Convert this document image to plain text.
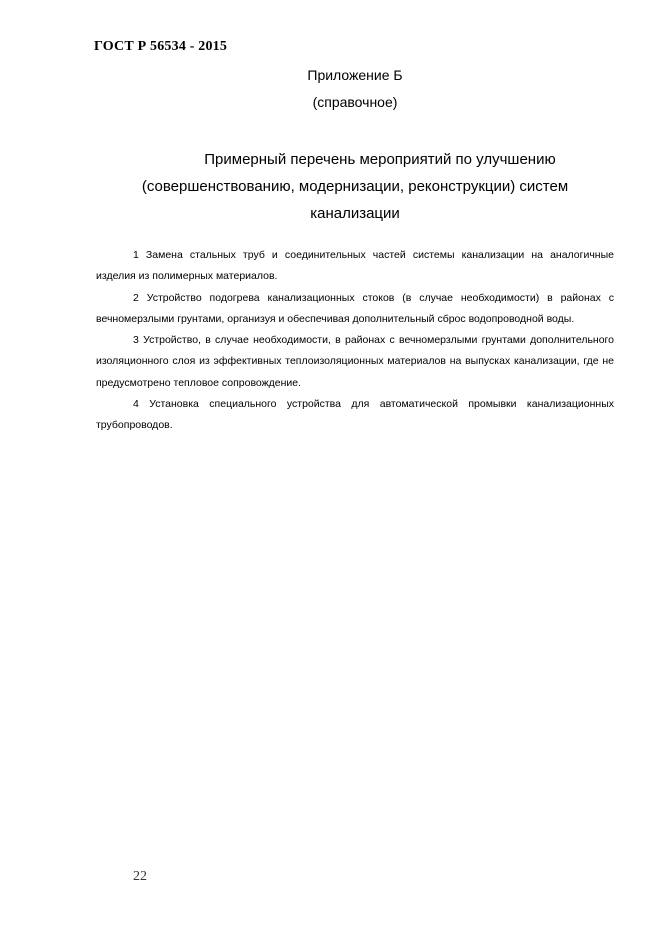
ГОСТ Р 56534 - 2015
Приложение Б
(справочное)
Примерный перечень мероприятий по улучшению
(совершенствованию, модернизации, реконструкции) систем
канализации

1 Замена стальных труб и соединительных частей системы канализации на аналогичные изделия из полимерных материалов.

2 Устройство подогрева канализационных стоков (в случае необходимости) в районах с вечномерзлыми грунтами, организуя и обеспечивая дополнительный сброс водопроводной воды.

3 Устройство, в случае необходимости, в районах с вечномерзлыми грунтами дополнительного изоляционного слоя из эффективных теплоизоляционных материалов на выпусках канализации, где не предусмотрено тепловое сопровождение.

4 Установка специального устройства для автоматической промывки канализационных трубопроводов.

22
